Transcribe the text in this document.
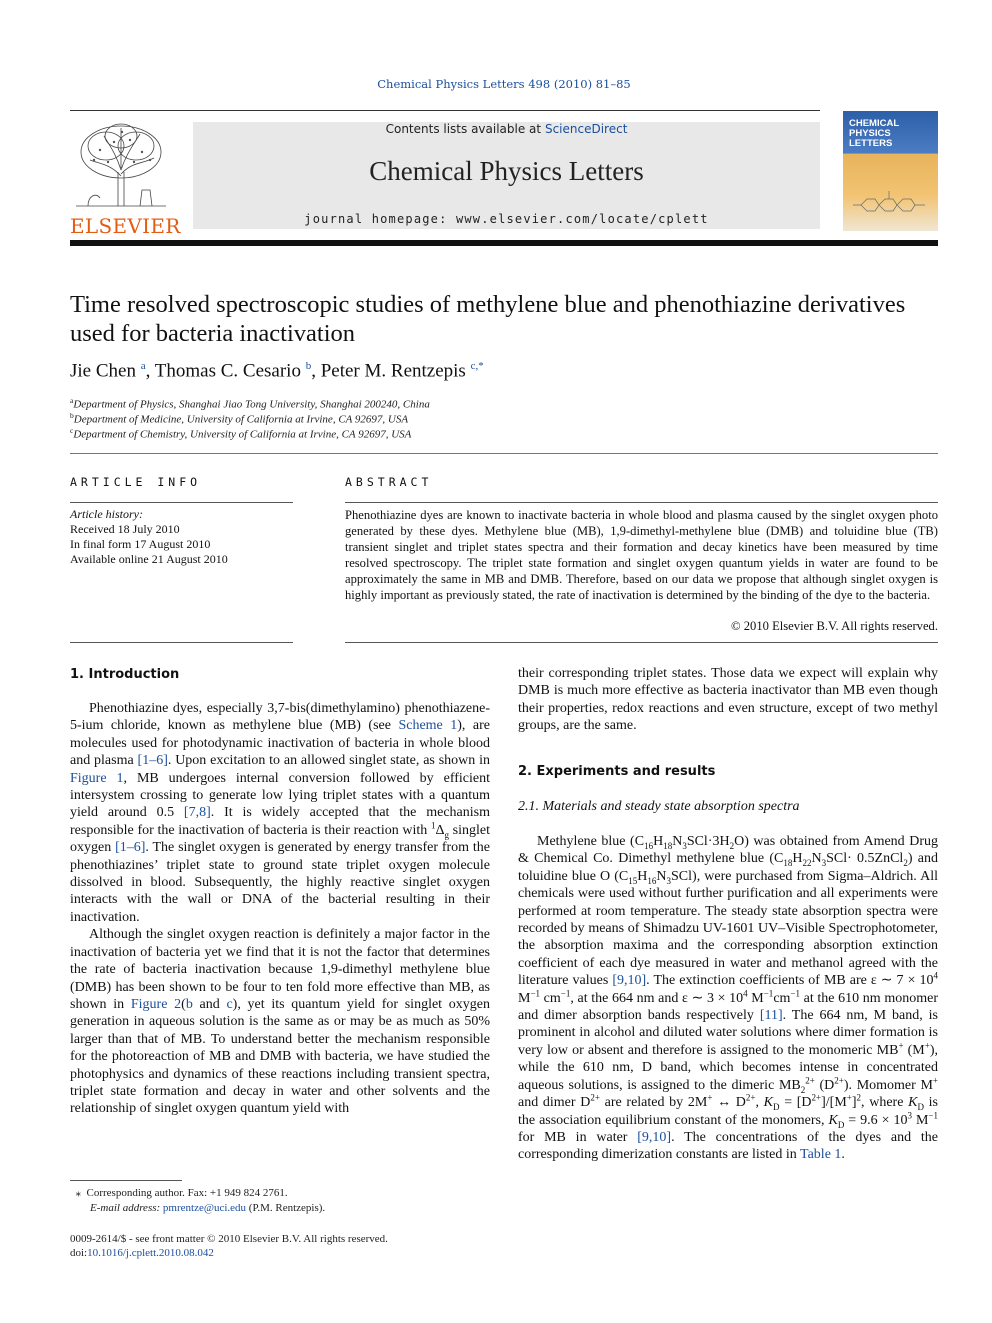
Chemical Physics Letters 498 (2010) 81–85
ELSEVIER
Contents lists available at ScienceDirect
Chemical Physics Letters
journal homepage: www.elsevier.com/locate/cplett
CHEMICAL
PHYSICS
LETTERS
Time resolved spectroscopic studies of methylene blue and phenothiazine derivatives used for bacteria inactivation
Jie Chen $^a$, Thomas C. Cesario $^b$, Peter M. Rentzepis $^{c,*}$
$^a$Department of Physics, Shanghai Jiao Tong University, Shanghai 200240, China
$^b$Department of Medicine, University of California at Irvine, CA 92697, USA
$^c$Department of Chemistry, University of California at Irvine, CA 92697, USA
ARTICLE INFO	ABSTRACT
Article history:
Received 18 July 2010
In final form 17 August 2010
Available online 21 August 2010
Phenothiazine dyes are known to inactivate bacteria in whole blood and plasma caused by the singlet oxygen photo generated by these dyes. Methylene blue (MB), 1,9-dimethyl-methylene blue (DMB) and toluidine blue (TB) transient singlet and triplet states spectra and their formation and decay kinetics have been measured by time resolved spectroscopy. The triplet state formation and singlet oxygen quantum yields in water are found to be approximately the same in MB and DMB. Therefore, based on our data we propose that although singlet oxygen is highly important as previously stated, the rate of inactivation is determined by the binding of the dye to the bacteria.
© 2010 Elsevier B.V. All rights reserved.
1. Introduction

Phenothiazine dyes, especially 3,7-bis(dimethylamino) phenothiazene-5-ium chloride, known as methylene blue (MB) (see Scheme 1), are molecules used for photodynamic inactivation of bacteria in whole blood and plasma [1–6]. Upon excitation to an allowed singlet state, as shown in Figure 1, MB undergoes internal conversion followed by efficient intersystem crossing to generate low lying triplet states with a quantum yield around 0.5 [7,8]. It is widely accepted that the mechanism responsible for the inactivation of bacteria is their reaction with $^1\Delta_g$ singlet oxygen [1–6]. The singlet oxygen is generated by energy transfer from the phenothiazines’ triplet state to ground state triplet oxygen molecule dissolved in blood. Subsequently, the highly reactive singlet oxygen interacts with the wall or DNA of the bacterial resulting in their inactivation.

Although the singlet oxygen reaction is definitely a major factor in the inactivation of bacteria yet we find that it is not the factor that determines the rate of bacteria inactivation because 1,9-dimethyl methylene blue (DMB) has been shown to be four to ten fold more effective than MB, as shown in Figure 2(b and c), yet its quantum yield for singlet oxygen generation in aqueous solution is the same as or may be as much as 50% larger than that of MB. To understand better the mechanism responsible for the photoreaction of MB and DMB with bacteria, we have studied the photophysics and dynamics of these reactions including transient spectra, triplet state formation and decay in water and other solvents and the relationship of singlet oxygen quantum yield with

their corresponding triplet states. Those data we expect will explain why DMB is much more effective as bacteria inactivator than MB even though their properties, redox reactions and even structure, except of two methyl groups, are the same.

2. Experiments and results
2.1. Materials and steady state absorption spectra

Methylene blue $(C_{16}H_{18}N_3SCl\cdot 3H_2O)$ was obtained from Amend Drug & Chemical Co. Dimethyl methylene blue ($C_{18}H_{22}N_3SCl\cdot$ 0.5ZnCl$_2$) and toluidine blue O $(C_{15}H_{16}N_3SCl)$, were purchased from Sigma–Aldrich. All chemicals were used without further purification and all experiments were performed at room temperature. The steady state absorption spectra were recorded by means of Shimadzu UV-1601 UV–Visible Spectrophotometer, the absorption maxima and the corresponding absorption extinction coefficient of each dye measured in water and methanol agreed with the literature values [9,10]. The extinction coefficients of MB are ε ∼ $7 \times 10^4$ $M^{-1}$ $cm^{-1}$, at the 664 nm and ε ∼ $3 \times 10^4$ $M^{-1}cm^{-1}$ at the 610 nm monomer and dimer absorption bands respectively [11]. The 664 nm, M band, is prominent in alcohol and diluted water solutions where dimer formation is very low or absent and therefore is assigned to the monomeric MB+ (M+), while the 610 nm, D band, which becomes intense in concentrated aqueous solutions, is assigned to the dimeric $MB_2^{2+}$ $(D^{2+})$. Momomer M+ and dimer $D^{2+}$ are related by 2M+ ↔ $D^{2+}$, $K_D = [D^{2+}]/[M^+]^2$, where $K_D$ is the association equilibrium constant of the monomers, $K_D = 9.6 \times 10^3$ $M^{-1}$ for MB in water [9,10]. The concentrations of the dyes and the corresponding dimerization constants are listed in Table 1.

⁎  Corresponding author. Fax: +1 949 824 2761.
E-mail address: pmrentze@uci.edu (P.M. Rentzepis).
0009-2614/$ - see front matter © 2010 Elsevier B.V. All rights reserved.
doi:10.1016/j.cplett.2010.08.042
